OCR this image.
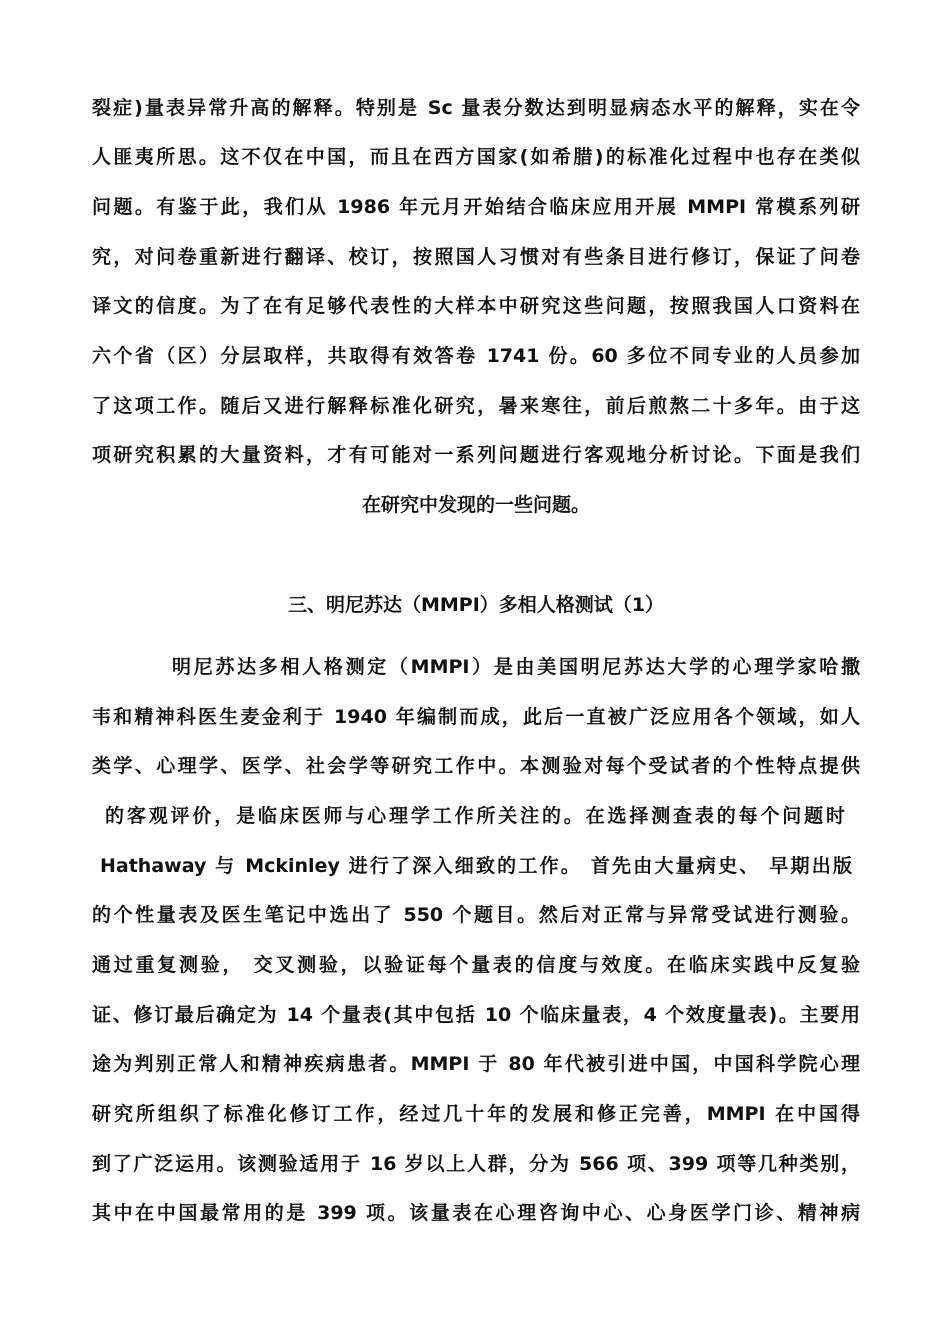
裂症)量表异常升高的解释。特别是 Sc 量表分数达到明显病态水平的解释，实在令
人匪夷所思。这不仅在中国，而且在西方国家(如希腊)的标准化过程中也存在类似
问题。有鉴于此，我们从 1986 年元月开始结合临床应用开展 MMPI 常模系列研
究，对问卷重新进行翻译、校订，按照国人习惯对有些条目进行修订，保证了问卷
译文的信度。为了在有足够代表性的大样本中研究这些问题，按照我国人口资料在
六个省（区）分层取样，共取得有效答卷 1741 份。60 多位不同专业的人员参加
了这项工作。随后又进行解释标准化研究，暑来寒往，前后煎熬二十多年。由于这
项研究积累的大量资料，才有可能对一系列问题进行客观地分析讨论。下面是我们
在研究中发现的一些问题。
三、明尼苏达（MMPI）多相人格测试（1）
明尼苏达多相人格测定（MMPI）是由美国明尼苏达大学的心理学家哈撒
韦和精神科医生麦金利于 1940 年编制而成，此后一直被广泛应用各个领域，如人
类学、心理学、医学、社会学等研究工作中。本测验对每个受试者的个性特点提供
的客观评价，是临床医师与心理学工作所关注的。在选择测查表的每个问题时
Hathaway 与 Mckinley 进行了深入细致的工作。 首先由大量病史、 早期出版
的个性量表及医生笔记中选出了 550 个题目。然后对正常与异常受试进行测验。
通过重复测验， 交叉测验，以验证每个量表的信度与效度。在临床实践中反复验
证、修订最后确定为 14 个量表(其中包括 10 个临床量表，4 个效度量表)。主要用
途为判别正常人和精神疾病患者。MMPI 于 80 年代被引进中国，中国科学院心理
研究所组织了标准化修订工作，经过几十年的发展和修正完善，MMPI 在中国得
到了广泛运用。该测验适用于 16 岁以上人群，分为 566 项、399 项等几种类别，
其中在中国最常用的是 399 项。该量表在心理咨询中心、心身医学门诊、精神病
